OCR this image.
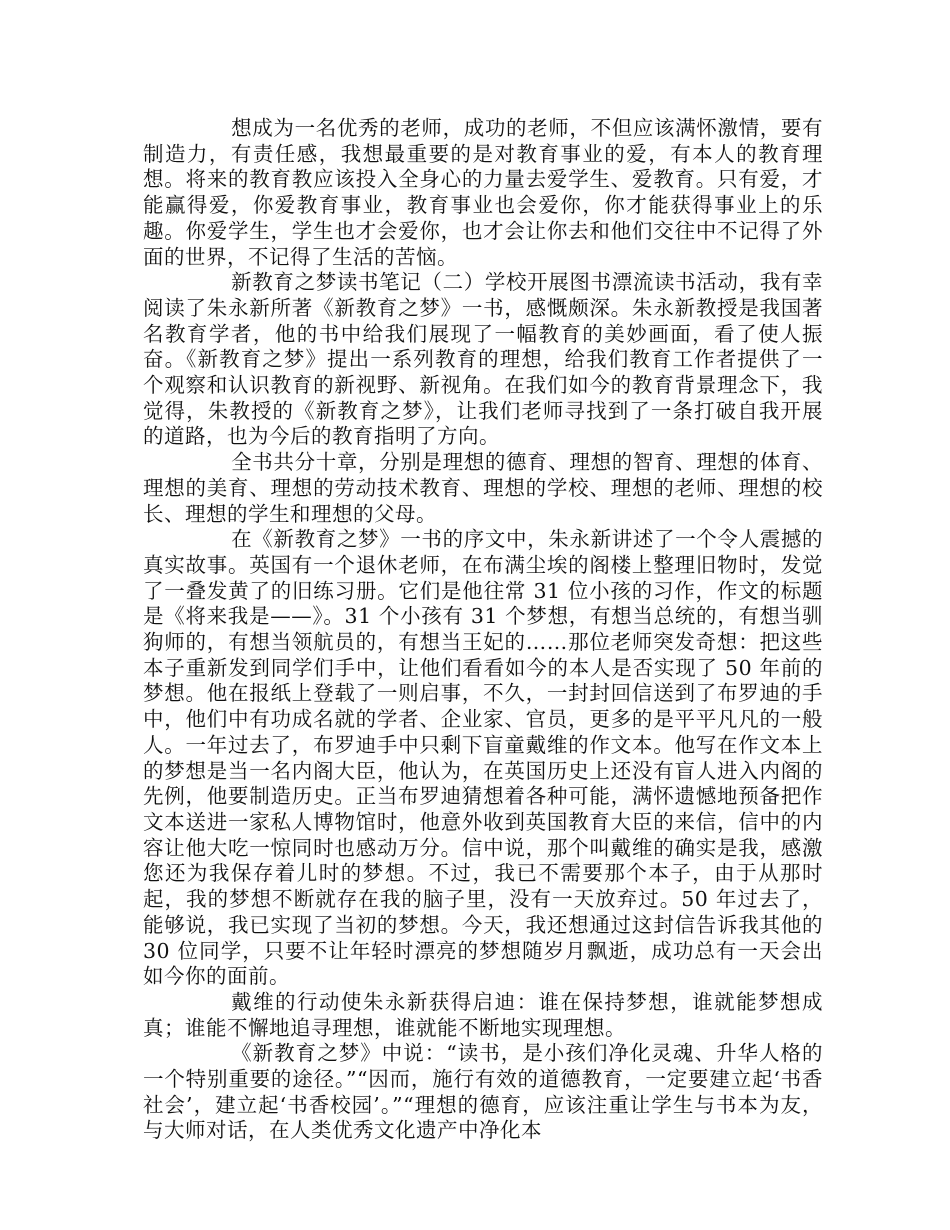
想成为一名优秀的老师，成功的老师，不但应该满怀激情，要有制造力，有责任感，我想最重要的是对教育事业的爱，有本人的教育理想。将来的教育教应该投入全身心的力量去爱学生、爱教育。只有爱，才能赢得爱，你爱教育事业，教育事业也会爱你，你才能获得事业上的乐趣。你爱学生，学生也才会爱你，也才会让你去和他们交往中不记得了外面的世界，不记得了生活的苦恼。

新教育之梦读书笔记（二）学校开展图书漂流读书活动，我有幸阅读了朱永新所著《新教育之梦》一书，感慨颇深。朱永新教授是我国著名教育学者，他的书中给我们展现了一幅教育的美妙画面，看了使人振奋。《新教育之梦》提出一系列教育的理想，给我们教育工作者提供了一个观察和认识教育的新视野、新视角。在我们如今的教育背景理念下，我觉得，朱教授的《新教育之梦》，让我们老师寻找到了一条打破自我开展的道路，也为今后的教育指明了方向。

全书共分十章，分别是理想的德育、理想的智育、理想的体育、理想的美育、理想的劳动技术教育、理想的学校、理想的老师、理想的校长、理想的学生和理想的父母。

在《新教育之梦》一书的序文中，朱永新讲述了一个令人震撼的真实故事。英国有一个退休老师，在布满尘埃的阁楼上整理旧物时，发觉了一叠发黄了的旧练习册。它们是他往常 31 位小孩的习作，作文的标题是《将来我是——》。31 个小孩有 31 个梦想，有想当总统的，有想当驯狗师的，有想当领航员的，有想当王妃的……那位老师突发奇想：把这些本子重新发到同学们手中，让他们看看如今的本人是否实现了 50 年前的梦想。他在报纸上登载了一则启事，不久，一封封回信送到了布罗迪的手中，他们中有功成名就的学者、企业家、官员，更多的是平平凡凡的一般人。一年过去了，布罗迪手中只剩下盲童戴维的作文本。他写在作文本上的梦想是当一名内阁大臣，他认为，在英国历史上还没有盲人进入内阁的先例，他要制造历史。正当布罗迪猜想着各种可能，满怀遗憾地预备把作文本送进一家私人博物馆时，他意外收到英国教育大臣的来信，信中的内容让他大吃一惊同时也感动万分。信中说，那个叫戴维的确实是我，感激您还为我保存着儿时的梦想。不过，我已不需要那个本子，由于从那时起，我的梦想不断就存在我的脑子里，没有一天放弃过。50 年过去了，能够说，我已实现了当初的梦想。今天，我还想通过这封信告诉我其他的 30 位同学，只要不让年轻时漂亮的梦想随岁月飘逝，成功总有一天会出如今你的面前。

戴维的行动使朱永新获得启迪：谁在保持梦想，谁就能梦想成真；谁能不懈地追寻理想，谁就能不断地实现理想。

《新教育之梦》中说：“读书，是小孩们净化灵魂、升华人格的一个特别重要的途径。”“因而，施行有效的道德教育，一定要建立起‘书香社会’，建立起‘书香校园’。”“理想的德育，应该注重让学生与书本为友，与大师对话，在人类优秀文化遗产中净化本
